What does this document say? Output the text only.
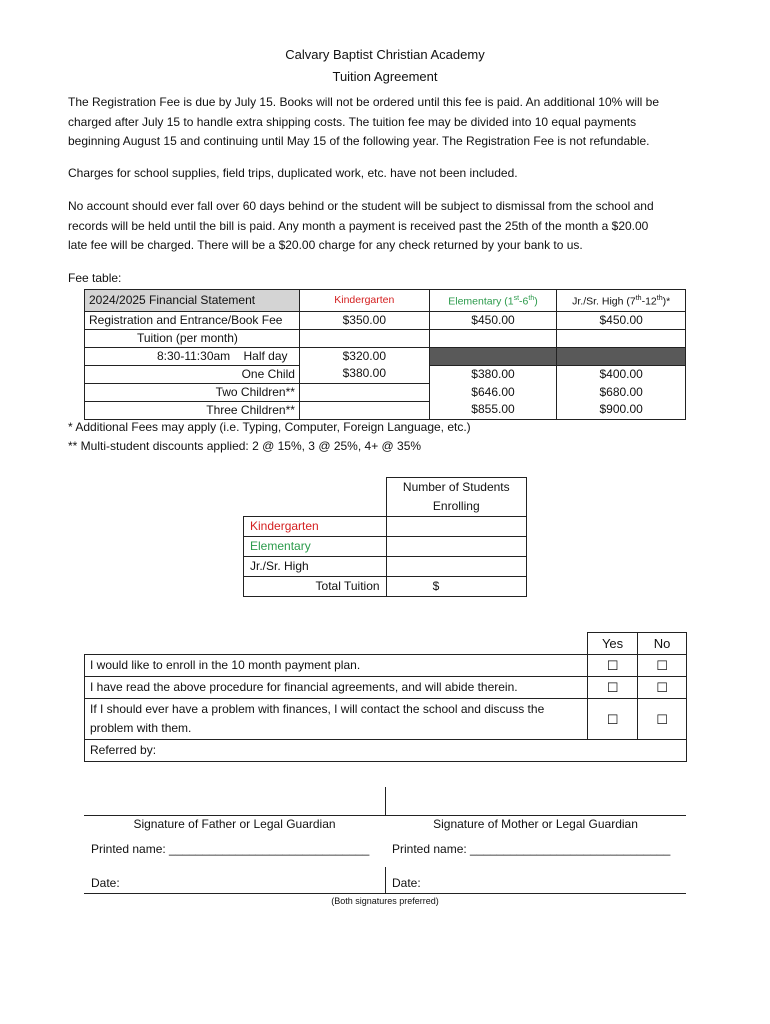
Calvary Baptist Christian Academy
Tuition Agreement
The Registration Fee is due by July 15. Books will not be ordered until this fee is paid. An additional 10% will be
charged after July 15 to handle extra shipping costs. The tuition fee may be divided into 10 equal payments
beginning August 15 and continuing until May 15 of the following year. The Registration Fee is not refundable.
Charges for school supplies, field trips, duplicated work, etc. have not been included.
No account should ever fall over 60 days behind or the student will be subject to dismissal from the school and
records will be held until the bill is paid. Any month a payment is received past the 25th of the month a $20.00
late fee will be charged. There will be a $20.00 charge for any check returned by your bank to us.
Fee table:
2024/2025 Financial Statement	Kindergarten	Elementary (1st-6th)	Jr./Sr. High (7th-12th)*
Registration and Entrance/Book Fee	$350.00	$450.00	$450.00
Tuition (per month)			
8:30-11:30am    Half day	$320.00		
One Child	$380.00	$380.00	$400.00
Two Children**		$646.00	$680.00
Three Children**		$855.00	$900.00
* Additional Fees may apply (i.e. Typing, Computer, Foreign Language, etc.)
** Multi-student discounts applied: 2 @ 15%, 3 @ 25%, 4+ @ 35%

	Number of Students
Enrolling

Kindergarten	
Elementary	
Jr./Sr. High	
Total Tuition	$
	Yes	No
I would like to enroll in the 10 month payment plan.	☐	☐
I have read the above procedure for financial agreements, and will abide therein.	☐	☐

If I should ever have a problem with finances, I will contact the school and discuss the
problem with them.	☐	☐
Referred by:		
Signature of Father or Legal Guardian	Signature of Mother or Legal Guardian
Printed name: ______________________________ Printed name: ______________________________
Date:	Date:
(Both signatures preferred)
